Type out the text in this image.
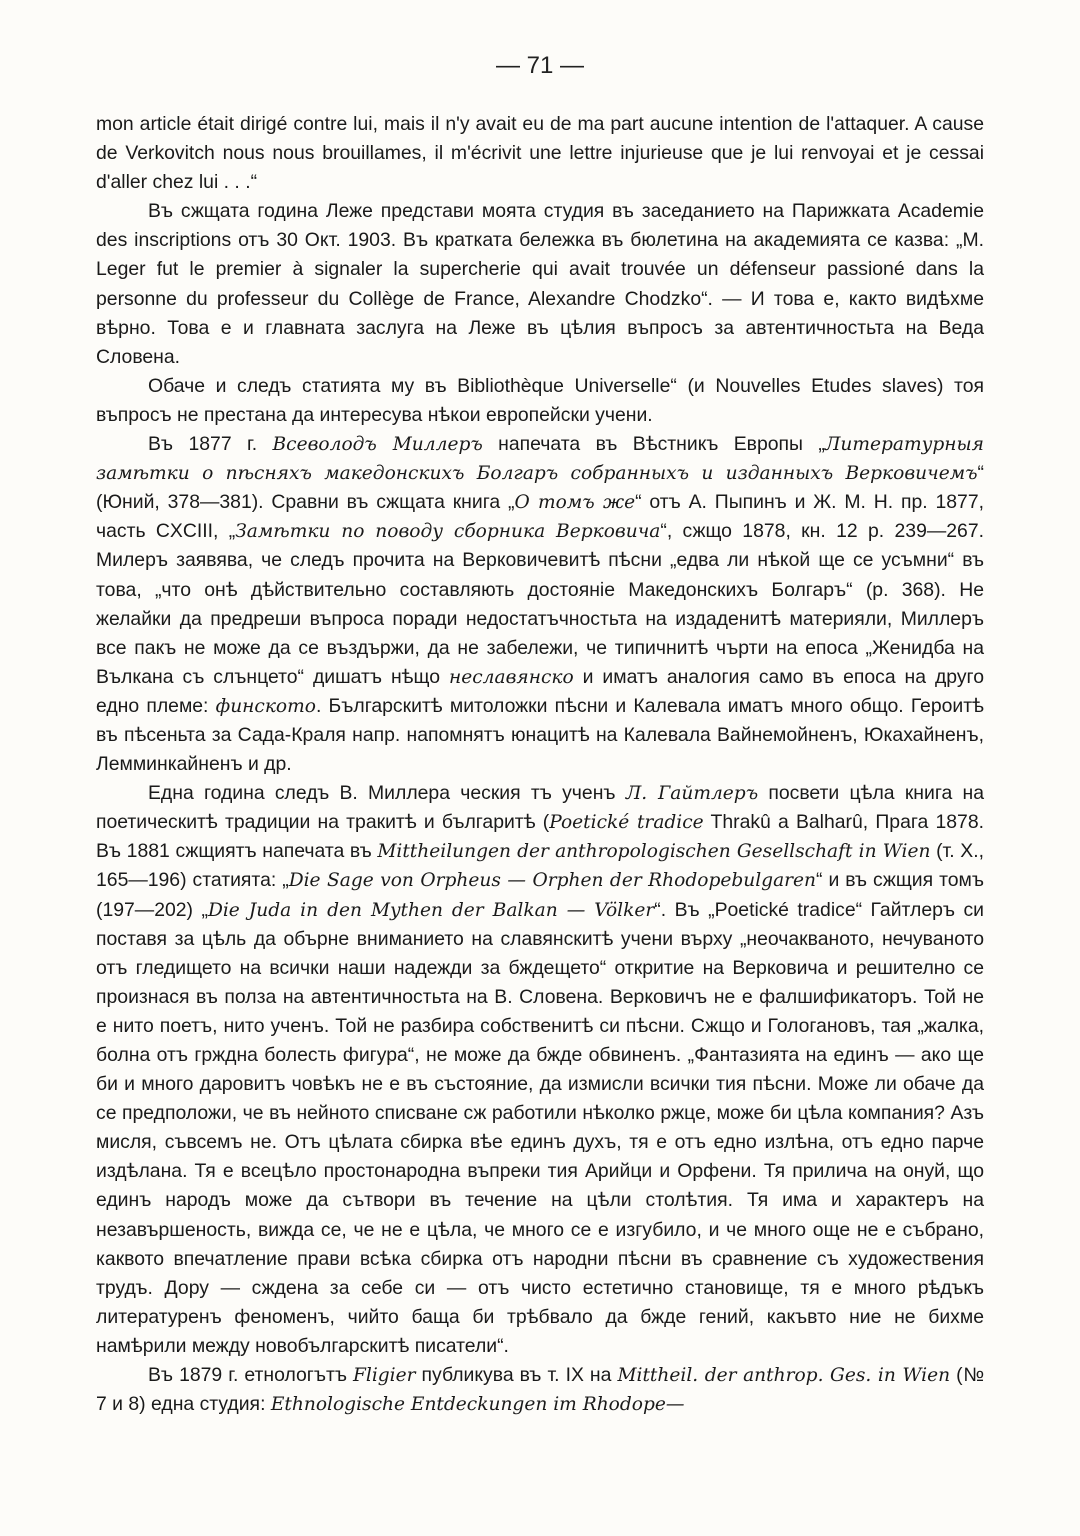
— 71 —

mon article était dirigé contre lui, mais il n'y avait eu de ma part aucune intention de l'attaquer. A cause de Verkovitch nous nous brouillames, il m'écrivit une lettre injurieuse que je lui renvoyai et je cessai d'aller chez lui . . .“

Въ сжщата година Леже представи моята студия въ заседанието на Парижката Academie des inscriptions отъ 30 Окт. 1903. Въ кратката бележка въ бюлетина на академията се казва: „M. Leger fut le premier à signaler la supercherie qui avait trouvée un défenseur passioné dans la personne du professeur du Collège de France, Alexandre Chodzko“. — И това е, както видѣхме вѣрно. Това е и главната заслуга на Леже въ цѣлия въпросъ за автентичностьта на Веда Словена.

Обаче и следъ статията му въ Bibliothèque Universelle“ (и Nouvelles Etudes slaves) тоя въпросъ не престана да интересува нѣкои европейски учени.

Въ 1877 г. Всеволодъ Миллеръ напечата въ Вѣстникъ Европы „Литературныя замѣтки о пѣсняхъ македонскихъ Болгаръ собранныхъ и изданныхъ Верковичемъ“ (Юний, 378—381). Сравни въ сжщата книга „О томъ же“ отъ А. Пыпинъ и Ж. М. Н. пр. 1877, часть CXCIII, „Замѣтки по поводу сборника Верковича“, сжщо 1878, кн. 12 p. 239—267. Милеръ заявява, че следъ прочита на Верковичевитѣ пѣсни „едва ли нѣкой ще се усъмни“ въ това, „что онѣ дѣйствительно составляють достояніе Македонскихъ Болгаръ“ (p. 368). Не желайки да предреши въпроса поради недостатъчностьта на издаденитѣ материяли, Миллеръ все пакъ не може да се въздържи, да не забележи, че типичнитѣ чърти на епоса „Женидба на Вълкана съ слънцето“ дишатъ нѣщо неславянско и иматъ аналогия само въ епоса на друго едно племе: финското. Българскитѣ митоложки пѣсни и Калевала иматъ много общо. Героитѣ въ пѣсеньта за Сада-Краля напр. напомнятъ юнацитѣ на Калевала Вайнемойненъ, Юкахайненъ, Лемминкайненъ и др.

Една година следъ В. Миллера ческия тъ ученъ Л. Гайтлеръ посвети цѣла книга на поетическитѣ традиции на тракитѣ и българитѣ (Poetické tradice Thrakû a Balharû, Прага 1878. Въ 1881 сжщиятъ напечата въ Mittheilungen der anthropologischen Gesellschaft in Wien (т. X., 165—196) статията: „Die Sage von Orpheus — Orphen der Rhodopebulgaren“ и въ сжщия томъ (197—202) „Die Juda in den Mythen der Balkan — Völker“. Въ „Poetické tradice“ Гайтлеръ си поставя за цѣль да обърне вниманието на славянскитѣ учени върху „неочакваното, нечуваното отъ гледището на всички наши надежди за бждещето“ откритие на Верковича и решително се произнася въ полза на автентичностьта на В. Словена. Верковичъ не е фалшификаторъ. Той не е нито поетъ, нито ученъ. Той не разбира собственитѣ си пѣсни. Сжщо и Гологановъ, тая „жалка, болна отъ грждна болесть фигура“, не може да бжде обвиненъ. „Фантазията на единъ — ако ще би и много даровитъ човѣкъ не е въ състояние, да измисли всички тия пѣсни. Може ли обаче да се предположи, че въ нейното списване сж работили нѣколко ржце, може би цѣла компания? Азъ мисля, съвсемъ не. Отъ цѣлата сбирка вѣе единъ духъ, тя е отъ едно излѣна, отъ едно парче издѣлана. Тя е всецѣло простонародна въпреки тия Арийци и Орфени. Тя прилича на онуй, що единъ народъ може да сътвори въ течение на цѣли столѣтия. Тя има и характеръ на незавършеность, вижда се, че не е цѣла, че много се е изгубило, и че много още не е събрано, каквото впечатление прави всѣка сбирка отъ народни пѣсни въ сравнение съ художествения трудъ. Дору — сждена за себе си — отъ чисто естетично становище, тя е много рѣдъкъ литературенъ феноменъ, чийто баща би трѣбвало да бжде гений, какъвто ние не бихме намѣрили между новобългарскитѣ писатели“.

Въ 1879 г. етнологътъ Fligier публикува въ т. IX на Mittheil. der anthrop. Ges. in Wien (№ 7 и 8) една студия: Ethnologische Entdeckungen im Rhodope—
